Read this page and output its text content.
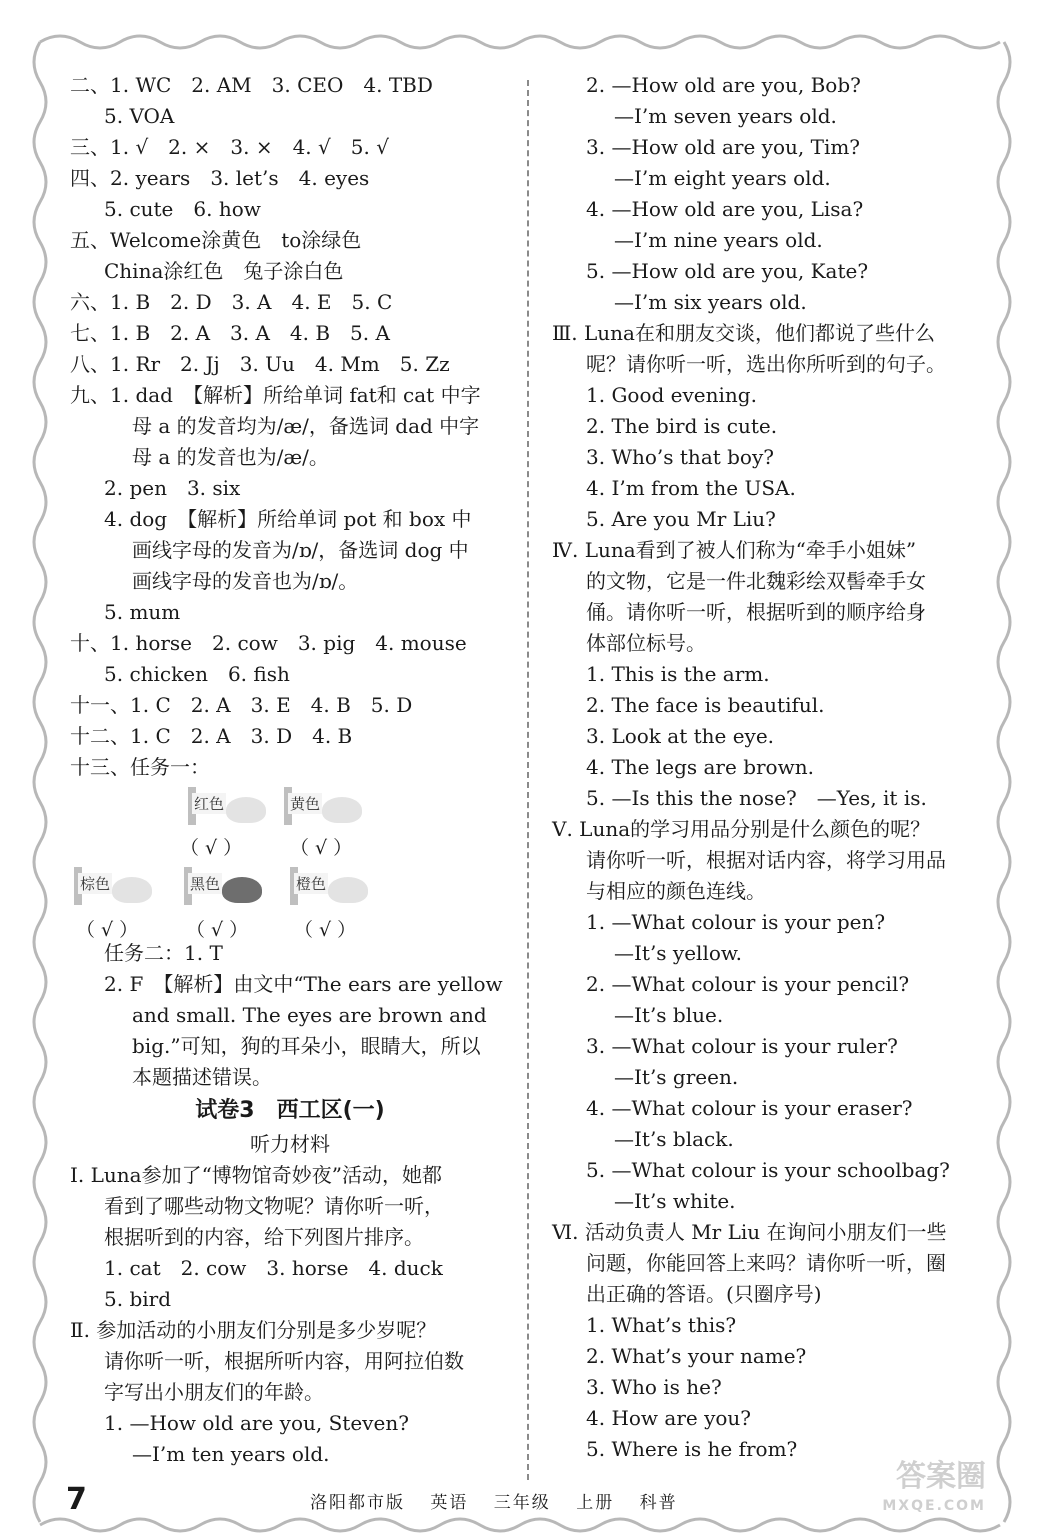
二、1. WC　2. AM　3. CEO　4. TBD
5. VOA
三、1. √　2. ×　3. ×　4. √　5. √
四、2. years　3. let’s　4. eyes
5. cute　6. how
五、Welcome涂黄色　to涂绿色
China涂红色　兔子涂白色
六、1. B　2. D　3. A　4. E　5. C
七、1. B　2. A　3. A　4. B　5. A
八、1. Rr　2. Jj　3. Uu　4. Mm　5. Zz
九、1. dad　【解析】所给单词 fat和 cat 中字
母 a 的发音均为/æ/，备选词 dad 中字
母 a 的发音也为/æ/。
2. pen　3. six
4. dog　【解析】所给单词 pot 和 box 中
画线字母的发音为/ɒ/，备选词 dog 中
画线字母的发音也为/ɒ/。
5. mum
十、1. horse　2. cow　3. pig　4. mouse
5. chicken　6. fish
十一、1. C　2. A　3. E　4. B　5. D
十二、1. C　2. A　3. D　4. B
十三、任务一：
红色	黄色
（ √ ）	（ √ ）
棕色	黑色	橙色
（ √ ）	（ √ ） （ √ ）
任务二：1. T
2. F　【解析】由文中“The ears are yellow
and small. The eyes are brown and
big.”可知，狗的耳朵小，眼睛大，所以
本题描述错误。
试卷3　西工区(一)
听力材料
Ⅰ. Luna参加了“博物馆奇妙夜”活动，她都
看到了哪些动物文物呢？请你听一听，
根据听到的内容，给下列图片排序。
1. cat　2. cow　3. horse　4. duck
5. bird
Ⅱ. 参加活动的小朋友们分别是多少岁呢？
请你听一听，根据所听内容，用阿拉伯数
字写出小朋友们的年龄。
1. —How old are you, Steven?
—I’m ten years old.
2. —How old are you, Bob?
—I’m seven years old.
3. —How old are you, Tim?
—I’m eight years old.
4. —How old are you, Lisa?
—I’m nine years old.
5. —How old are you, Kate?
—I’m six years old.
Ⅲ. Luna在和朋友交谈，他们都说了些什么
呢？请你听一听，选出你所听到的句子。
1. Good evening.
2. The bird is cute.
3. Who’s that boy?
4. I’m from the USA.
5. Are you Mr Liu?
Ⅳ. Luna看到了被人们称为“牵手小姐妹”
的文物，它是一件北魏彩绘双髻牵手女
俑。请你听一听，根据听到的顺序给身
体部位标号。
1. This is the arm.
2. The face is beautiful.
3. Look at the eye.
4. The legs are brown.
5. —Is this the nose?　—Yes, it is.
Ⅴ. Luna的学习用品分别是什么颜色的呢？
请你听一听，根据对话内容，将学习用品
与相应的颜色连线。
1. —What colour is your pen?
—It’s yellow.
2. —What colour is your pencil?
—It’s blue.
3. —What colour is your ruler?
—It’s green.
4. —What colour is your eraser?
—It’s black.
5. —What colour is your schoolbag?
—It’s white.
Ⅵ. 活动负责人 Mr Liu 在询问小朋友们一些
问题，你能回答上来吗？请你听一听，圈
出正确的答语。(只圈序号)
1. What’s this?
2. What’s your name?
3. Who is he?
4. How are you?
5. Where is he from?
7	洛阳都市版 英语 三年级 上册 科普
答案圈
MXQE.COM
